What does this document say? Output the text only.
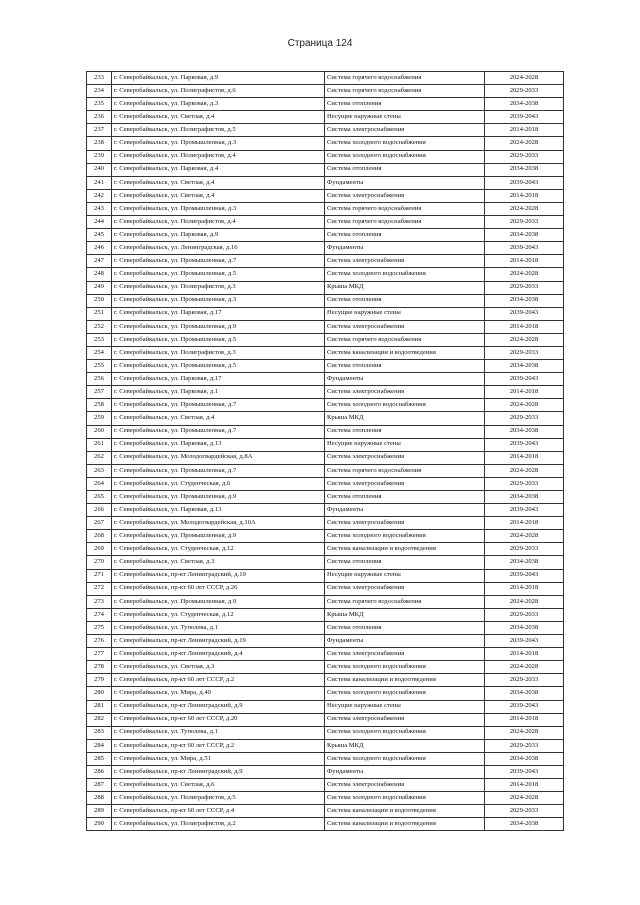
Страница 124
233	г. Северобайкальск, ул. Парковая, д.9	Система горячего водоснабжения	2024-2028
234	г. Северобайкальск, ул. Полиграфистов, д.6	Система горячего водоснабжения	2029-2033
235	г. Северобайкальск, ул. Парковая, д.3	Система отопления	2034-2038
236	г. Северобайкальск, ул. Светлая, д.4	Несущие наружные стены	2039-2043
237	г. Северобайкальск, ул. Полиграфистов, д.5	Система электроснабжения	2014-2018
238	г. Северобайкальск, ул. Промышленная, д.3	Система холодного водоснабжения	2024-2028
239	г. Северобайкальск, ул. Полиграфистов, д.4	Система холодного водоснабжения	2029-2033
240	г. Северобайкальск, ул. Парковая, д.4	Система отопления	2034-2038
241	г. Северобайкальск, ул. Светлая, д.4	Фундаменты	2039-2043
242	г. Северобайкальск, ул. Светлая, д.4	Система электроснабжения	2014-2018
243	г. Северобайкальск, ул. Промышленная, д.3	Система горячего водоснабжения	2024-2028
244	г. Северобайкальск, ул. Полиграфистов, д.4	Система горячего водоснабжения	2029-2033
245	г. Северобайкальск, ул. Парковая, д.9	Система отопления	2034-2038
246	г. Северобайкальск, ул. Ленинградская, д.16	Фундаменты	2039-2043
247	г. Северобайкальск, ул. Промышленная, д.7	Система электроснабжения	2014-2018
248	г. Северобайкальск, ул. Промышленная, д.5	Система холодного водоснабжения	2024-2028
249	г. Северобайкальск, ул. Полиграфистов, д.3	Крыша МКД	2029-2033
250	г. Северобайкальск, ул. Промышленная, д.3	Система отопления	2034-2038
251	г. Северобайкальск, ул. Парковая, д.17	Несущие наружные стены	2039-2043
252	г. Северобайкальск, ул. Промышленная, д.9	Система электроснабжения	2014-2018
253	г. Северобайкальск, ул. Промышленная, д.5	Система горячего водоснабжения	2024-2028
254	г. Северобайкальск, ул. Полиграфистов, д.3	Система канализации и водоотведения	2029-2033
255	г. Северобайкальск, ул. Промышленная, д.5	Система отопления	2034-2038
256	г. Северобайкальск, ул. Парковая, д.17	Фундаменты	2039-2043
257	г. Северобайкальск, ул. Парковая, д.1	Система электроснабжения	2014-2018
258	г. Северобайкальск, ул. Промышленная, д.7	Система холодного водоснабжения	2024-2028
259	г. Северобайкальск, ул. Светлая, д.4	Крыша МКД	2029-2033
260	г. Северобайкальск, ул. Промышленная, д.7	Система отопления	2034-2038
261	г. Северобайкальск, ул. Парковая, д.13	Несущие наружные стены	2039-2043
262	г. Северобайкальск, ул. Молодогвардейская, д.8А	Система электроснабжения	2014-2018
263	г. Северобайкальск, ул. Промышленная, д.7	Система горячего водоснабжения	2024-2028
264	г. Северобайкальск, ул. Студенческая, д.6	Система электроснабжения	2029-2033
265	г. Северобайкальск, ул. Промышленная, д.9	Система отопления	2034-2038
266	г. Северобайкальск, ул. Парковая, д.13	Фундаменты	2039-2043
267	г. Северобайкальск, ул. Молодогвардейская, д.10А	Система электроснабжения	2014-2018
268	г. Северобайкальск, ул. Промышленная, д.9	Система холодного водоснабжения	2024-2028
269	г. Северобайкальск, ул. Студенческая, д.12	Система канализации и водоотведения	2029-2033
270	г. Северобайкальск, ул. Светлая, д.3	Система отопления	2034-2038
271	г. Северобайкальск, пр-кт Ленинградский, д.19	Несущие наружные стены	2039-2043
272	г. Северобайкальск, пр-кт 60 лет СССР, д.26	Система электроснабжения	2014-2018
273	г. Северобайкальск, ул. Промышленная, д.9	Система горячего водоснабжения	2024-2028
274	г. Северобайкальск, ул. Студенческая, д.12	Крыша МКД	2029-2033
275	г. Северобайкальск, ул. Туполева, д.1	Система отопления	2034-2038
276	г. Северобайкальск, пр-кт Ленинградский, д.19	Фундаменты	2039-2043
277	г. Северобайкальск, пр-кт Ленинградский, д.4	Система электроснабжения	2014-2018
278	г. Северобайкальск, ул. Светлая, д.3	Система холодного водоснабжения	2024-2028
279	г. Северобайкальск, пр-кт 60 лет СССР, д.2	Система канализации и водоотведения	2029-2033
280	г. Северобайкальск, ул. Мира, д.49	Система холодного водоснабжения	2034-2038
281	г. Северобайкальск, пр-кт Ленинградский, д.9	Несущие наружные стены	2039-2043
282	г. Северобайкальск, пр-кт 60 лет СССР, д.20	Система электроснабжения	2014-2018
283	г. Северобайкальск, ул. Туполева, д.1	Система холодного водоснабжения	2024-2028
284	г. Северобайкальск, пр-кт 60 лет СССР, д.2	Крыша МКД	2029-2033
285	г. Северобайкальск, ул. Мира, д.51	Система холодного водоснабжения	2034-2038
286	г. Северобайкальск, пр-кт Ленинградский, д.9	Фундаменты	2039-2043
287	г. Северобайкальск, ул. Светлая, д.6	Система электроснабжения	2014-2018
288	г. Северобайкальск, ул. Полиграфистов, д.5	Система холодного водоснабжения	2024-2028
289	г. Северобайкальск, пр-кт 60 лет СССР, д.4	Система канализации и водоотведения	2029-2033
290	г. Северобайкальск, ул. Полиграфистов, д.2	Система канализации и водоотведения	2034-2038
